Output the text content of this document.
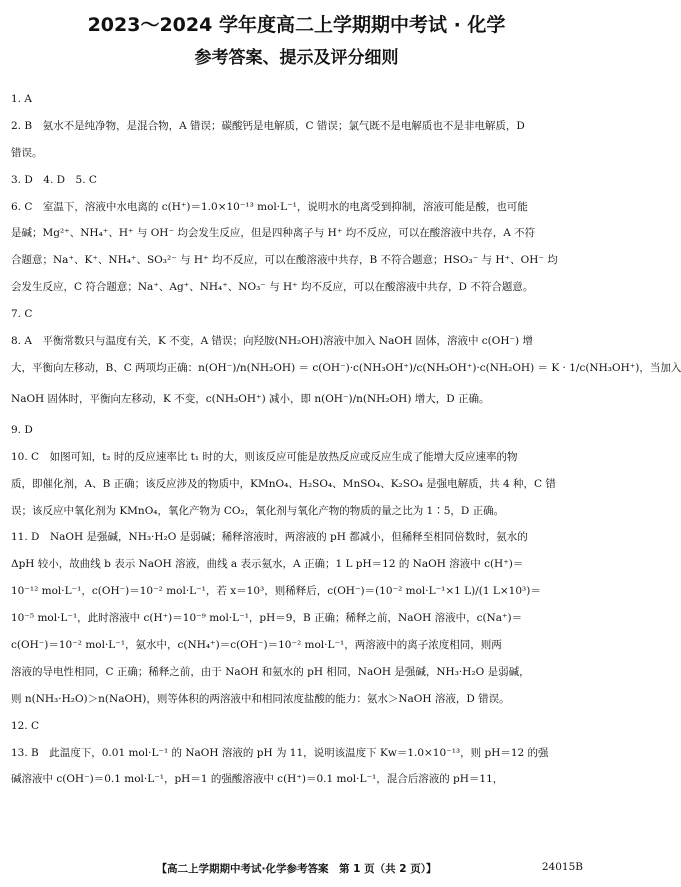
2023～2024 学年度高二上学期期中考试 · 化学
参考答案、提示及评分细则
1. A
2. B　氨水不是纯净物，是混合物，A 错误；碳酸钙是电解质，C 错误；氯气既不是电解质也不是非电解质，D
错误。
3. D　4. D　5. C
6. C　室温下，溶液中水电离的 c(H⁺)＝1.0×10⁻¹³ mol·L⁻¹，说明水的电离受到抑制，溶液可能是酸，也可能
是碱；Mg²⁺、NH₄⁺、H⁺ 与 OH⁻ 均会发生反应，但是四种离子与 H⁺ 均不反应，可以在酸溶液中共存，A 不符
合题意；Na⁺、K⁺、NH₄⁺、SO₃²⁻ 与 H⁺ 均不反应，可以在酸溶液中共存，B 不符合题意；HSO₃⁻ 与 H⁺、OH⁻ 均
会发生反应，C 符合题意；Na⁺、Ag⁺、NH₄⁺、NO₃⁻ 与 H⁺ 均不反应，可以在酸溶液中共存，D 不符合题意。
7. C
8. A　平衡常数只与温度有关，K 不变，A 错误；向羟胺(NH₂OH)溶液中加入 NaOH 固体，溶液中 c(OH⁻) 增
大，平衡向左移动，B、C 两项均正确：n(OH⁻)/n(NH₂OH) ＝ c(OH⁻)·c(NH₃OH⁺)/c(NH₃OH⁺)·c(NH₂OH) ＝ K · 1/c(NH₃OH⁺)，当加入
NaOH 固体时，平衡向左移动，K 不变，c(NH₃OH⁺) 减小，即 n(OH⁻)/n(NH₂OH) 增大，D 正确。
9. D
10. C　如图可知，t₂ 时的反应速率比 t₁ 时的大，则该反应可能是放热反应或反应生成了能增大反应速率的物
质，即催化剂，A、B 正确；该反应涉及的物质中，KMnO₄、H₂SO₄、MnSO₄、K₂SO₄ 是强电解质，共 4 种，C 错
误；该反应中氧化剂为 KMnO₄，氧化产物为 CO₂，氧化剂与氧化产物的物质的量之比为 1∶5，D 正确。
11. D　NaOH 是强碱，NH₃·H₂O 是弱碱；稀释溶液时，两溶液的 pH 都减小，但稀释至相同倍数时，氨水的
ΔpH 较小，故曲线 b 表示 NaOH 溶液，曲线 a 表示氨水，A 正确；1 L pH＝12 的 NaOH 溶液中 c(H⁺)＝
10⁻¹² mol·L⁻¹，c(OH⁻)＝10⁻² mol·L⁻¹，若 x＝10³，则稀释后，c(OH⁻)＝(10⁻² mol·L⁻¹×1 L)/(1 L×10³)＝
10⁻⁵ mol·L⁻¹，此时溶液中 c(H⁺)＝10⁻⁹ mol·L⁻¹，pH＝9，B 正确；稀释之前，NaOH 溶液中，c(Na⁺)＝
c(OH⁻)＝10⁻² mol·L⁻¹，氨水中，c(NH₄⁺)＝c(OH⁻)＝10⁻² mol·L⁻¹，两溶液中的离子浓度相同，则两
溶液的导电性相同，C 正确；稀释之前，由于 NaOH 和氨水的 pH 相同，NaOH 是强碱，NH₃·H₂O 是弱碱，
则 n(NH₃·H₂O)＞n(NaOH)，则等体积的两溶液中和相同浓度盐酸的能力：氨水＞NaOH 溶液，D 错误。
12. C
13. B　此温度下，0.01 mol·L⁻¹ 的 NaOH 溶液的 pH 为 11，说明该温度下 Kw＝1.0×10⁻¹³，则 pH＝12 的强
碱溶液中 c(OH⁻)＝0.1 mol·L⁻¹，pH＝1 的强酸溶液中 c(H⁺)＝0.1 mol·L⁻¹，混合后溶液的 pH＝11，
【高二上学期期中考试·化学参考答案　第 1 页（共 2 页）】	24015B
